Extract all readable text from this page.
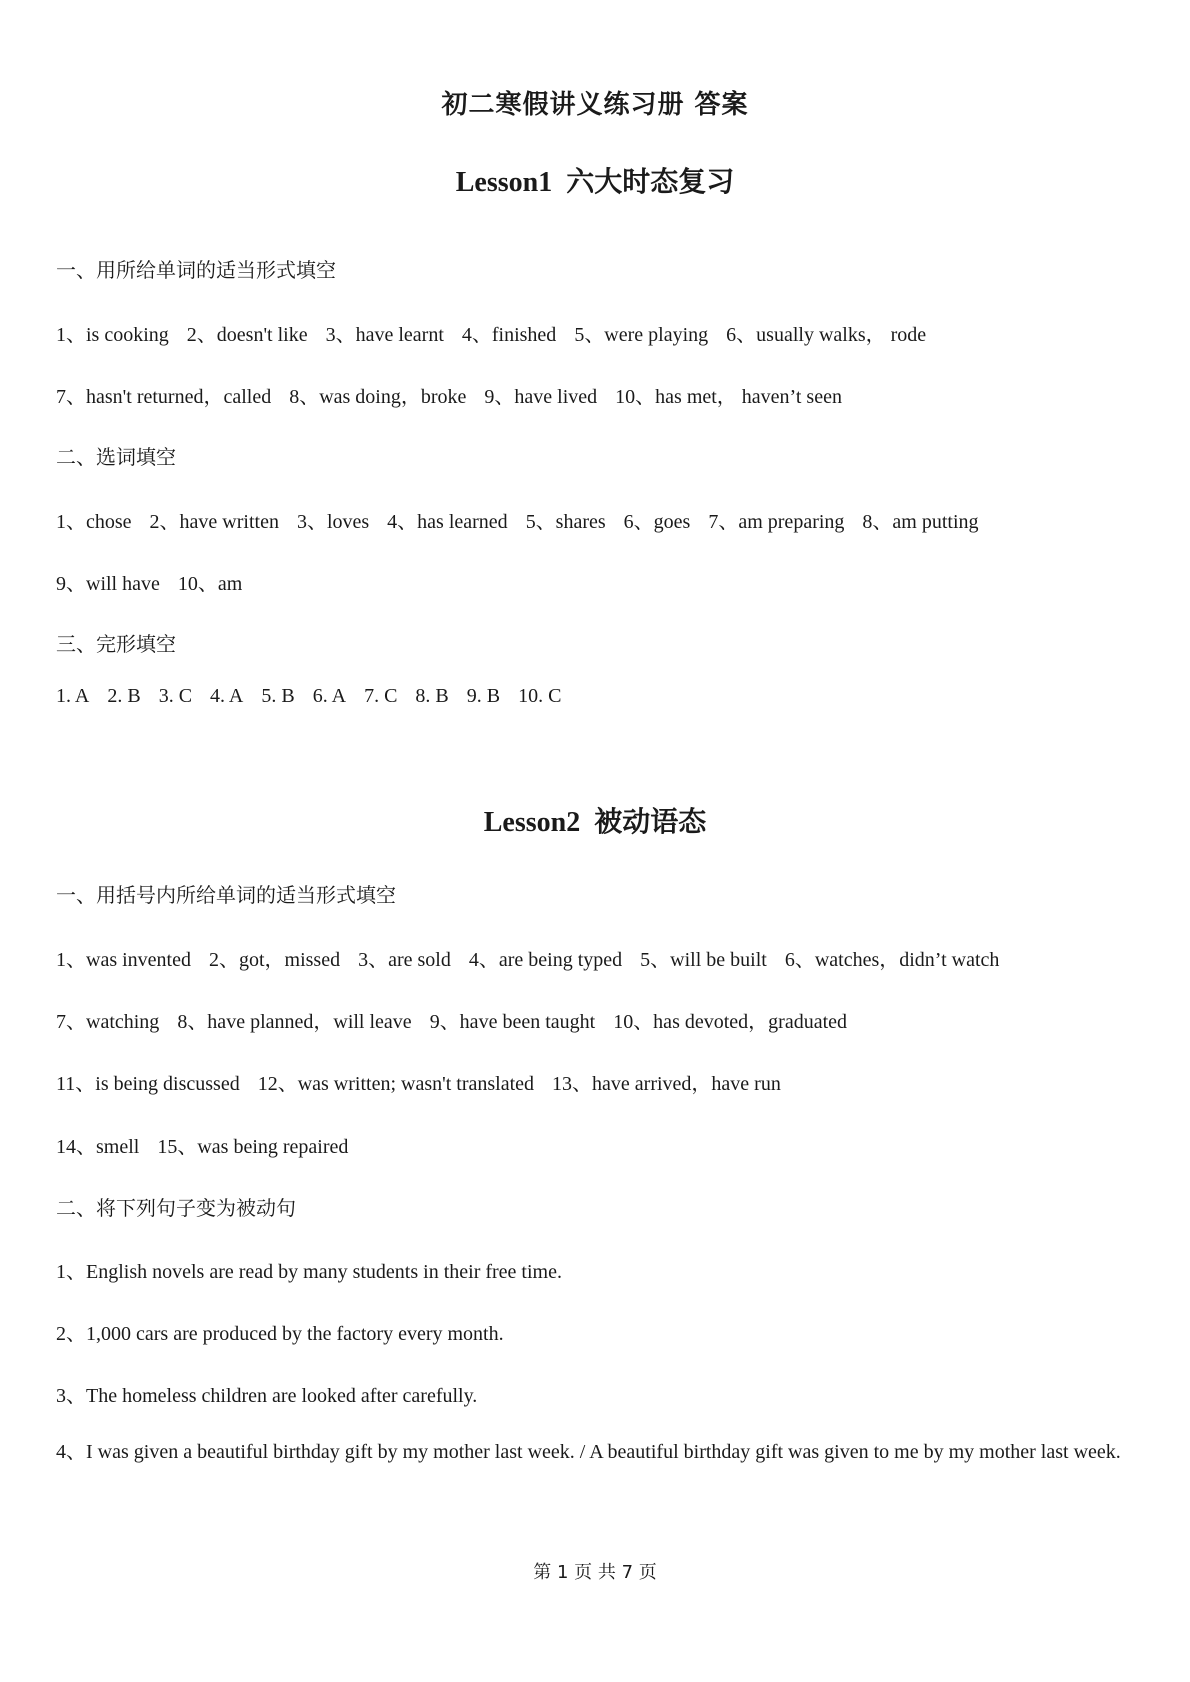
初二寒假讲义练习册 答案
Lesson1 六大时态复习
一、用所给单词的适当形式填空
1、is cooking 2、doesn't like 3、have learnt 4、finished 5、were playing 6、usually walks， rode
7、hasn't returned，called 8、was doing，broke 9、have lived 10、has met， haven’t seen
二、选词填空
1、chose 2、have written 3、loves 4、has learned 5、shares 6、goes 7、am preparing 8、am putting
9、will have 10、am
三、完形填空
1. A 2. B 3. C 4. A 5. B 6. A 7. C 8. B 9. B 10. C
Lesson2 被动语态
一、用括号内所给单词的适当形式填空
1、was invented 2、got，missed 3、are sold 4、are being typed 5、will be built 6、watches，didn’t watch
7、watching 8、have planned，will leave 9、have been taught 10、has devoted，graduated
11、is being discussed 12、was written; wasn't translated 13、have arrived，have run
14、smell 15、was being repaired
二、将下列句子变为被动句
1、English novels are read by many students in their free time.
2、1,000 cars are produced by the factory every month.
3、The homeless children are looked after carefully.
4、I was given a beautiful birthday gift by my mother last week. / A beautiful birthday gift was given to me by my mother last week.
第 1 页 共 7 页
